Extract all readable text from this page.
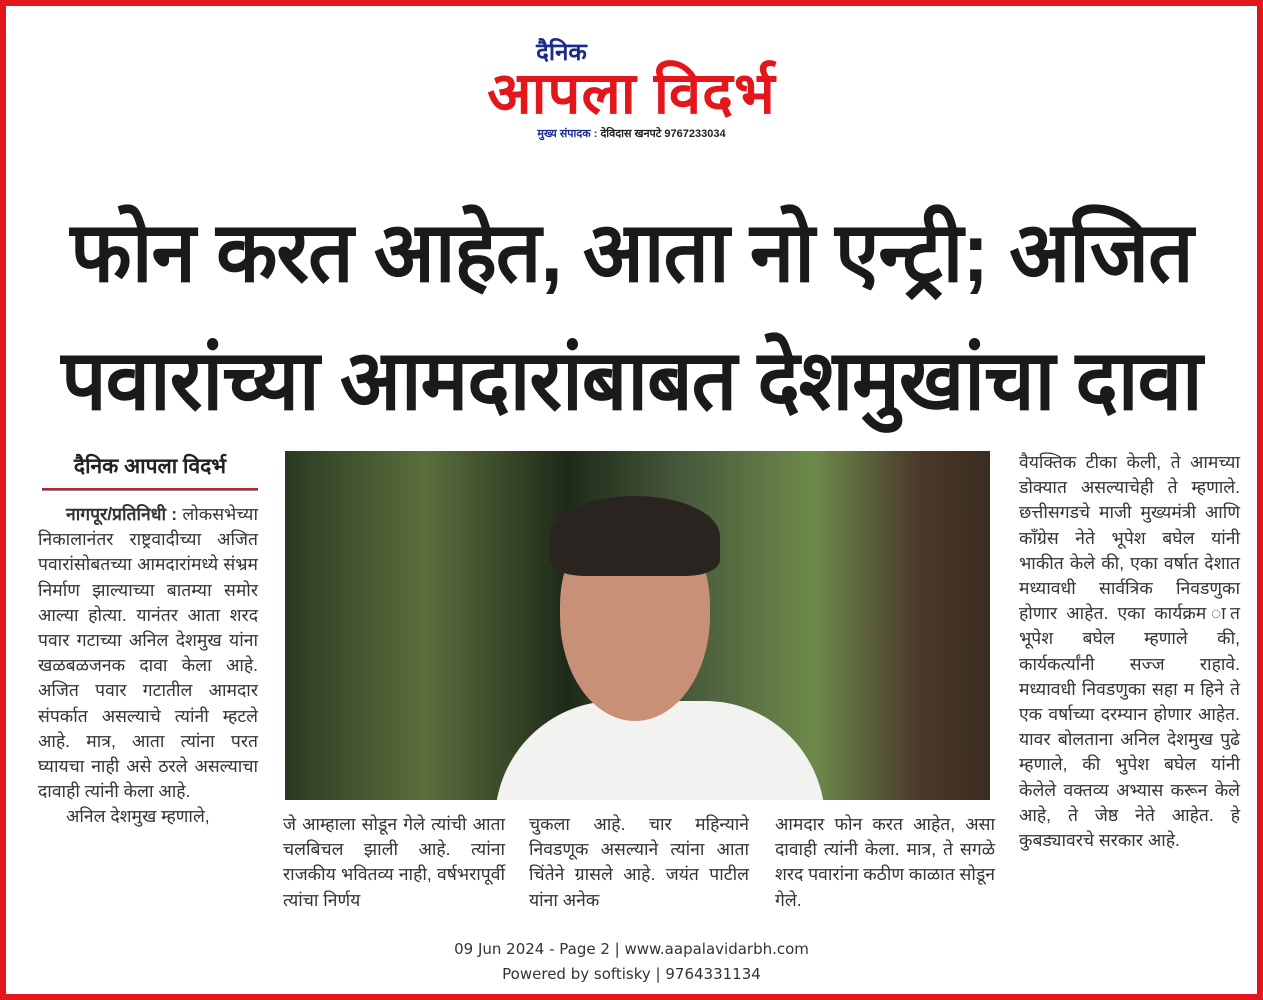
दैनिक
आपला विदर्भ
मुख्य संपादक : देविदास खनपटे 9767233034
फोन करत आहेत, आता नो एन्ट्री; अजित पवारांच्या आमदारांबाबत देशमुखांचा दावा
दैनिक आपला विदर्भ

नागपूर/प्रतिनिधी : लोकसभेच्या निकालानंतर राष्ट्रवादीच्या अजित पवारांसोबतच्या आमदारांमध्ये संभ्रम निर्माण झाल्याच्या बातम्या समोर आल्या होत्या. यानंतर आता शरद पवार गटाच्या अनिल देशमुख यांना खळबळजनक दावा केला आहे. अजित पवार गटातील आमदार संपर्कात असल्याचे त्यांनी म्हटले आहे. मात्र, आता त्यांना परत घ्यायचा नाही असे ठरले असल्याचा दावाही त्यांनी केला आहे.

अनिल देशमुख म्हणाले,	जे आम्हाला सोडून गेले त्यांची आता चलबिचल झाली आहे. त्यांना राजकीय भवितव्य नाही, वर्षभरापूर्वी त्यांचा निर्णय
चुकला आहे. चार महिन्याने निवडणूक असल्याने त्यांना आता चिंतेने ग्रासले आहे. जयंत पाटील यांना अनेक
आमदार फोन करत आहेत, असा दावाही त्यांनी केला. मात्र, ते सगळे शरद पवारांना कठीण काळात सोडून गेले.
वैयक्तिक टीका केली, ते आमच्या डोक्यात असल्याचेही ते म्हणाले. छत्तीसगडचे माजी मुख्यमंत्री आणि काँग्रेस नेते भूपेश बघेल यांनी भाकीत केले की, एका वर्षात देशात मध्यावधी सार्वत्रिक निवडणुका होणार आहेत. एका कार्यक्रम ात भूपेश बघेल म्हणाले की, कार्यकर्त्यांनी सज्ज राहावे. मध्यावधी निवडणुका सहा म हिने ते एक वर्षाच्या दरम्यान होणार आहेत. यावर बोलताना अनिल देशमुख पुढे म्हणाले, की भुपेश बघेल यांनी केलेले वक्तव्य अभ्यास करून केले आहे, ते जेष्ठ नेते आहेत. हे कुबड्यावरचे सरकार आहे.
09 Jun 2024 - Page 2 | www.aapalavidarbh.com
Powered by softisky | 9764331134
